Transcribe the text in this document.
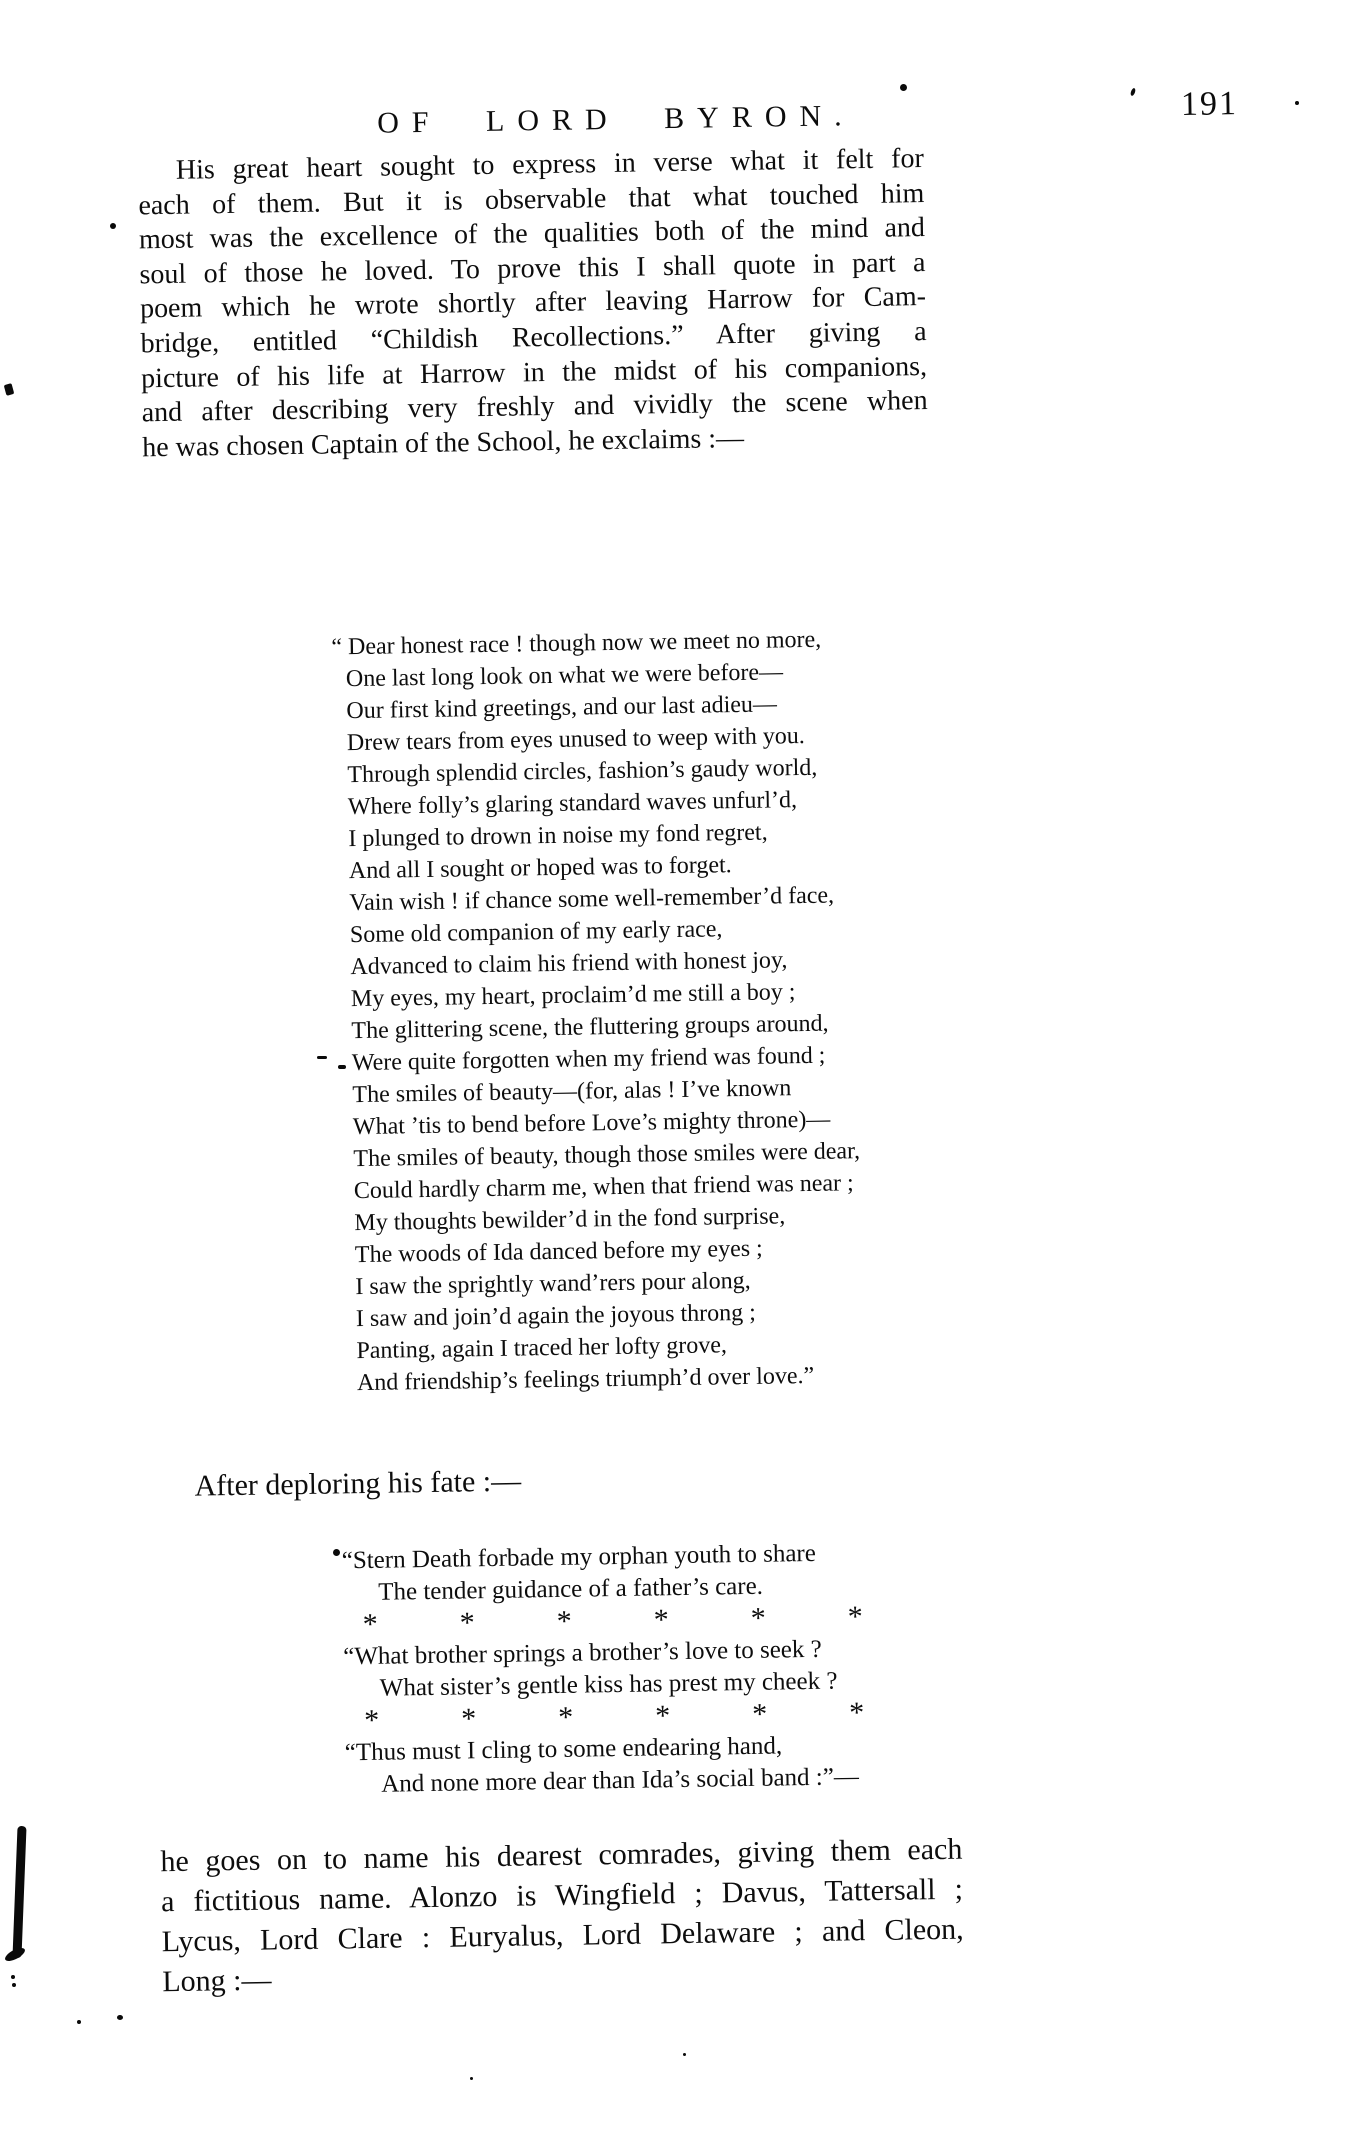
OF LORD BYRON.	191
His great heart sought to express in verse what it felt for
each of them. But it is observable that what touched him
most was the excellence of the qualities both of the mind and
soul of those he loved. To prove this I shall quote in part a
poem which he wrote shortly after leaving Harrow for Cam-
bridge, entitled “Childish Recollections.” After giving a
picture of his life at Harrow in the midst of his companions,
and after describing very freshly and vividly the scene when
he was chosen Captain of the School, he exclaims :—
“ Dear honest race ! though now we meet no more,
One last long look on what we were before—
Our first kind greetings, and our last adieu—
Drew tears from eyes unused to weep with you.
Through splendid circles, fashion’s gaudy world,
Where folly’s glaring standard waves unfurl’d,
I plunged to drown in noise my fond regret,
And all I sought or hoped was to forget.
Vain wish ! if chance some well-remember’d face,
Some old companion of my early race,
Advanced to claim his friend with honest joy,
My eyes, my heart, proclaim’d me still a boy ;
The glittering scene, the fluttering groups around,
Were quite forgotten when my friend was found ;
The smiles of beauty—(for, alas ! I’ve known
What ’tis to bend before Love’s mighty throne)—
The smiles of beauty, though those smiles were dear,
Could hardly charm me, when that friend was near ;
My thoughts bewilder’d in the fond surprise,
The woods of Ida danced before my eyes ;
I saw the sprightly wand’rers pour along,
I saw and join’d again the joyous throng ;
Panting, again I traced her lofty grove,
And friendship’s feelings triumph’d over love.”
After deploring his fate :—
“Stern Death forbade my orphan youth to share
The tender guidance of a father’s care.
*	*	*	*	*	*
“What brother springs a brother’s love to seek ?
What sister’s gentle kiss has prest my cheek ?
*	*	*	*	*	*
“Thus must I cling to some endearing hand,
And none more dear than Ida’s social band :”—
he goes on to name his dearest comrades, giving them each
a fictitious name. Alonzo is Wingfield ; Davus, Tattersall ;
Lycus, Lord Clare : Euryalus, Lord Delaware ; and Cleon,
Long :—
